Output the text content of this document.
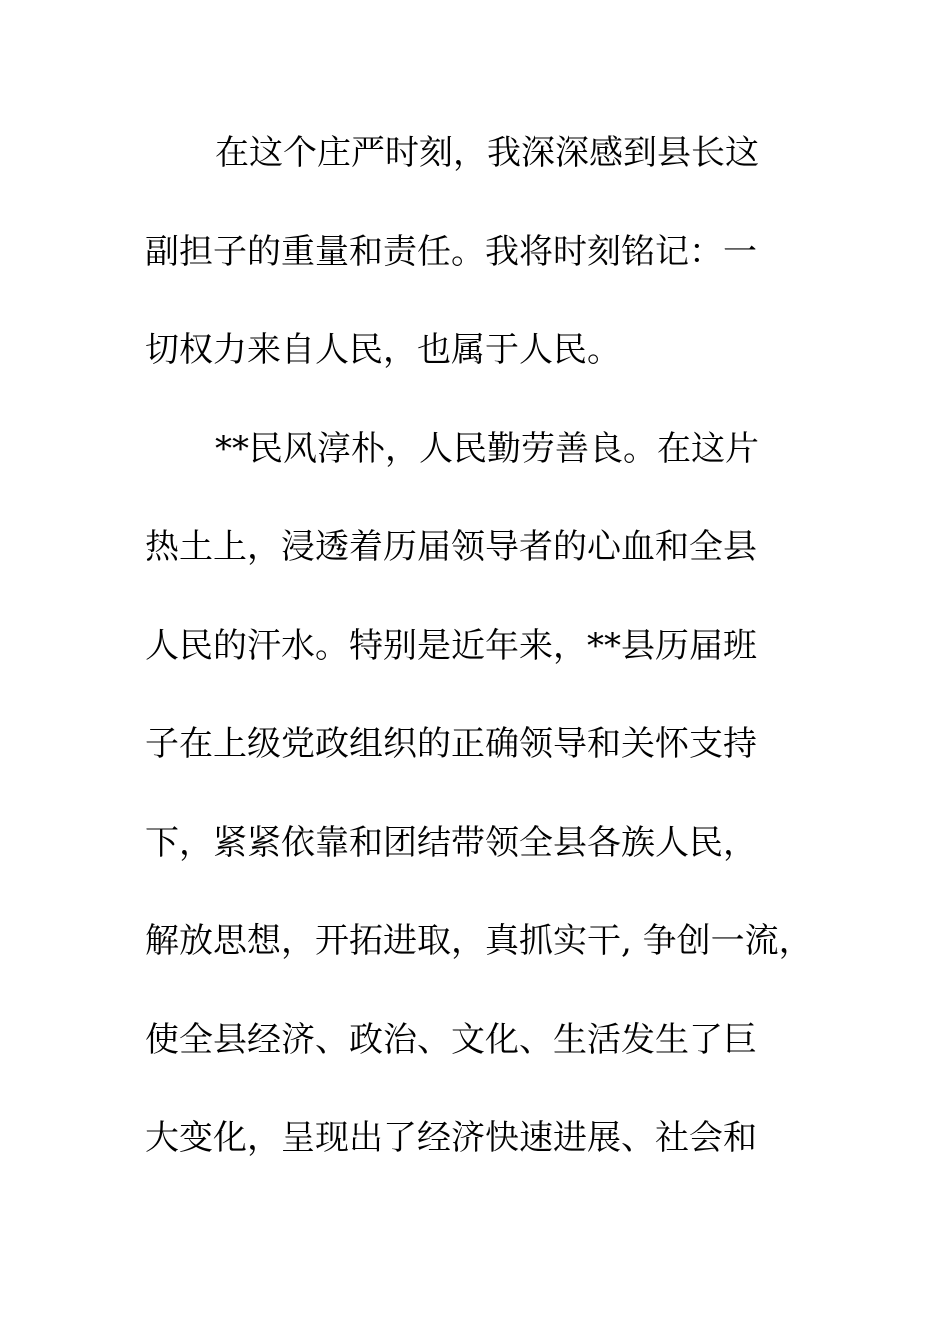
在这个庄严时刻，我深深感到县长这
副担子的重量和责任。我将时刻铭记：一
切权力来自人民，也属于人民。
**民风淳朴，人民勤劳善良。在这片
热土上，浸透着历届领导者的心血和全县
人民的汗水。特别是近年来，**县历届班
子在上级党政组织的正确领导和关怀支持
下，紧紧依靠和团结带领全县各族人民，
解放思想，开拓进取，真抓实干, 争创一流，
使全县经济、政治、文化、生活发生了巨
大变化，呈现出了经济快速进展、社会和
